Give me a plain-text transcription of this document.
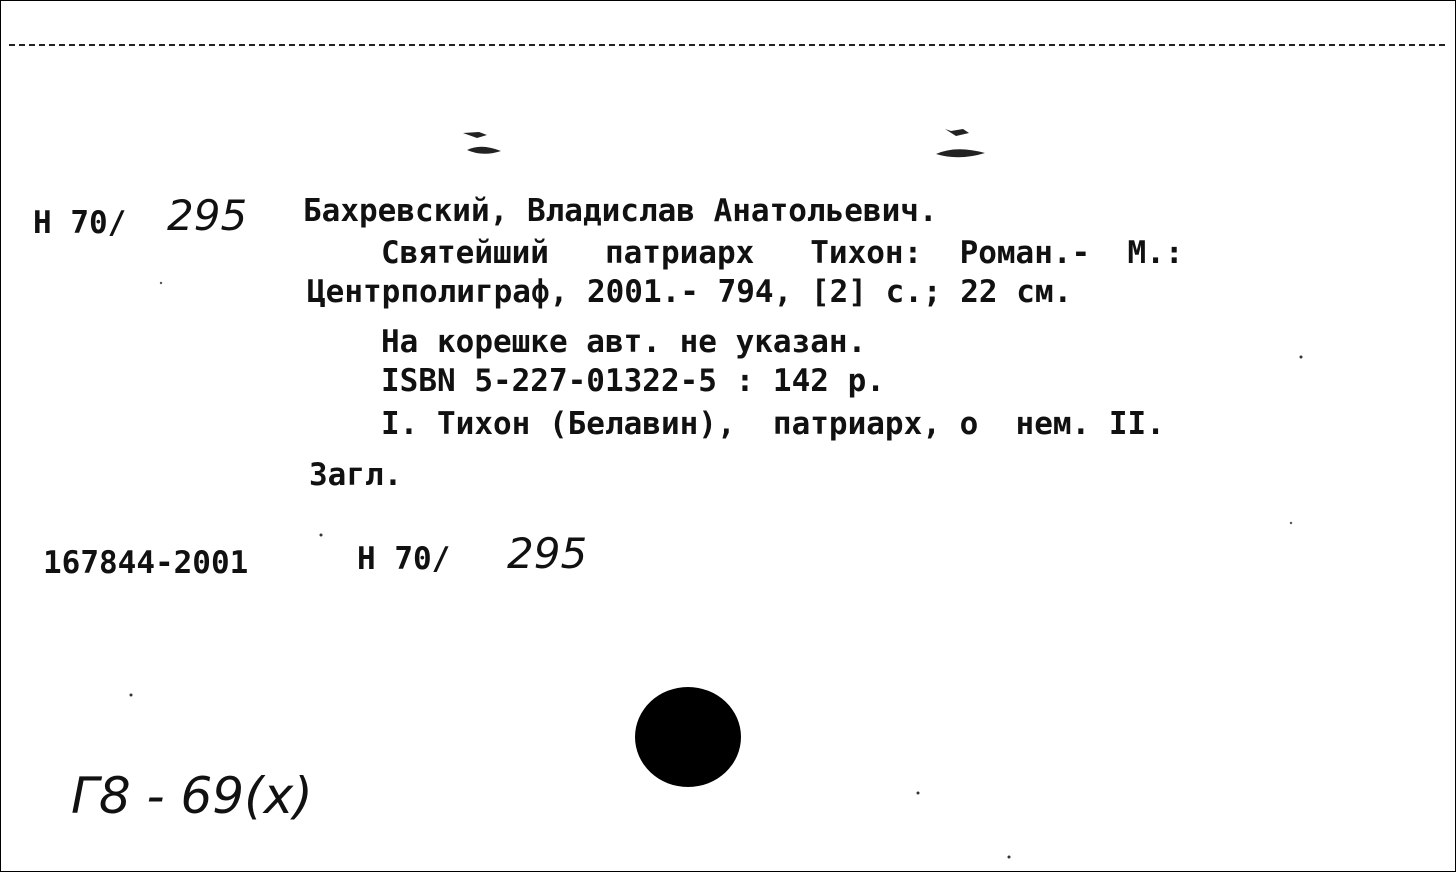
Н 70/ 295 Бахревский, Владислав Анатольевич.

Святейший   патриарх   Тихон:  Роман.-  М.:

Центрполиграф, 2001.- 794, [2] с.; 22 см.

На корешке авт. не указан.

ISBN 5-227-01322-5 : 142 р.

I. Тихон (Белавин),  патриарх, о  нем. II.

Загл.

167844-2001	Н 70/ 295

Г8 - 69(х)
